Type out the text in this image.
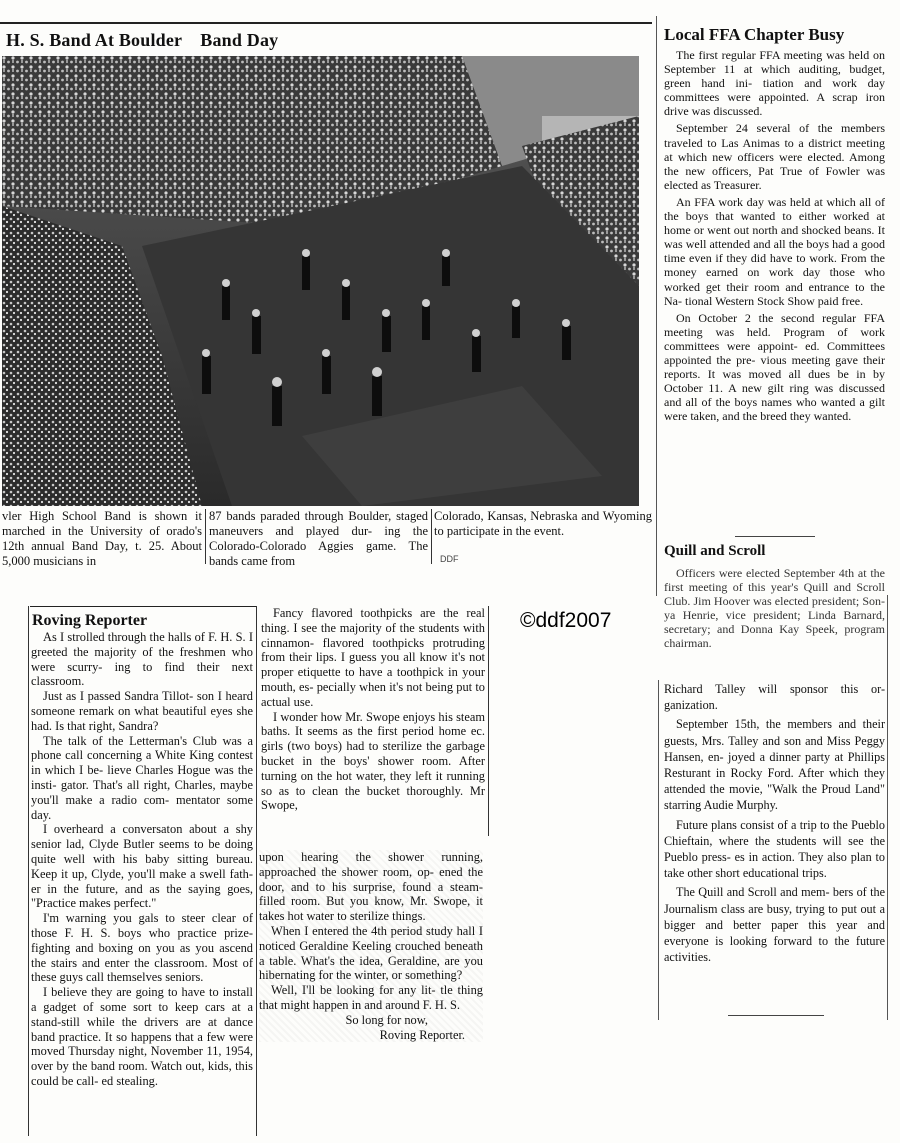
H. S. Band At Boulder Band Day

vler High School Band is shown it marched in the University of orado's 12th annual Band Day, t. 25. About 5,000 musicians in

87 bands paraded through Boulder, staged maneuvers and played dur- ing the Colorado-Colorado Aggies game. The bands came from

Colorado, Kansas, Nebraska and Wyoming to participate in the event.

DDF
Local FFA Chapter Busy

The first regular FFA meeting was held on September 11 at which auditing, budget, green hand ini- tiation and work day committees were appointed. A scrap iron drive was discussed.

September 24 several of the members traveled to Las Animas to a district meeting at which new officers were elected. Among the new officers, Pat True of Fowler was elected as Treasurer.

An FFA work day was held at which all of the boys that wanted to either worked at home or went out north and shocked beans. It was well attended and all the boys had a good time even if they did have to work. From the money earned on work day those who worked get their room and entrance to the Na- tional Western Stock Show paid free.

On October 2 the second regular FFA meeting was held. Program of work committees were appoint- ed. Committees appointed the pre- vious meeting gave their reports. It was moved all dues be in by October 11. A new gilt ring was discussed and all of the boys names who wanted a gilt were taken, and the breed they wanted.

Quill and Scroll

Officers were elected September 4th at the first meeting of this year's Quill and Scroll Club. Jim Hoover was elected president; Son- ya Henrie, vice president; Linda Barnard, secretary; and Donna Kay Speek, program chairman.

Richard Talley will sponsor this or- ganization.

September 15th, the members and their guests, Mrs. Talley and son and Miss Peggy Hansen, en- joyed a dinner party at Phillips Resturant in Rocky Ford. After which they attended the movie, "Walk the Proud Land" starring Audie Murphy.

Future plans consist of a trip to the Pueblo Chieftain, where the students will see the Pueblo press- es in action. They also plan to take other short educational trips.

The Quill and Scroll and mem- bers of the Journalism class are busy, trying to put out a bigger and better paper this year and everyone is looking forward to the future activities.

Roving Reporter

As I strolled through the halls of F. H. S. I greeted the majority of the freshmen who were scurry- ing to find their next classroom.

Just as I passed Sandra Tillot- son I heard someone remark on what beautiful eyes she had. Is that right, Sandra?

The talk of the Letterman's Club was a phone call concerning a White King contest in which I be- lieve Charles Hogue was the insti- gator. That's all right, Charles, maybe you'll make a radio com- mentator some day.

I overheard a conversaton about a shy senior lad, Clyde Butler seems to be doing quite well with his baby sitting bureau. Keep it up, Clyde, you'll make a swell fath- er in the future, and as the saying goes, "Practice makes perfect."

I'm warning you gals to steer clear of those F. H. S. boys who practice prize-fighting and boxing on you as you ascend the stairs and enter the classroom. Most of these guys call themselves seniors.

I believe they are going to have to install a gadget of some sort to keep cars at a stand-still while the drivers are at dance band practice. It so happens that a few were moved Thursday night, November 11, 1954, over by the band room. Watch out, kids, this could be call- ed stealing.

Fancy flavored toothpicks are the real thing. I see the majority of the students with cinnamon- flavored toothpicks protruding from their lips. I guess you all know it's not proper etiquette to have a toothpick in your mouth, es- pecially when it's not being put to actual use.

I wonder how Mr. Swope enjoys his steam baths. It seems as the first period home ec. girls (two boys) had to sterilize the garbage bucket in the boys' shower room. After turning on the hot water, they left it running so as to clean the bucket thoroughly. Mr Swope,

upon hearing the shower running, approached the shower room, op- ened the door, and to his surprise, found a steam-filled room. But you know, Mr. Swope, it takes hot water to sterilize things.

When I entered the 4th period study hall I noticed Geraldine Keeling crouched beneath a table. What's the idea, Geraldine, are you hibernating for the winter, or something?

Well, I'll be looking for any lit- tle thing that might happen in and around F. H. S.

So long for now,
Roving Reporter.
©ddf2007
